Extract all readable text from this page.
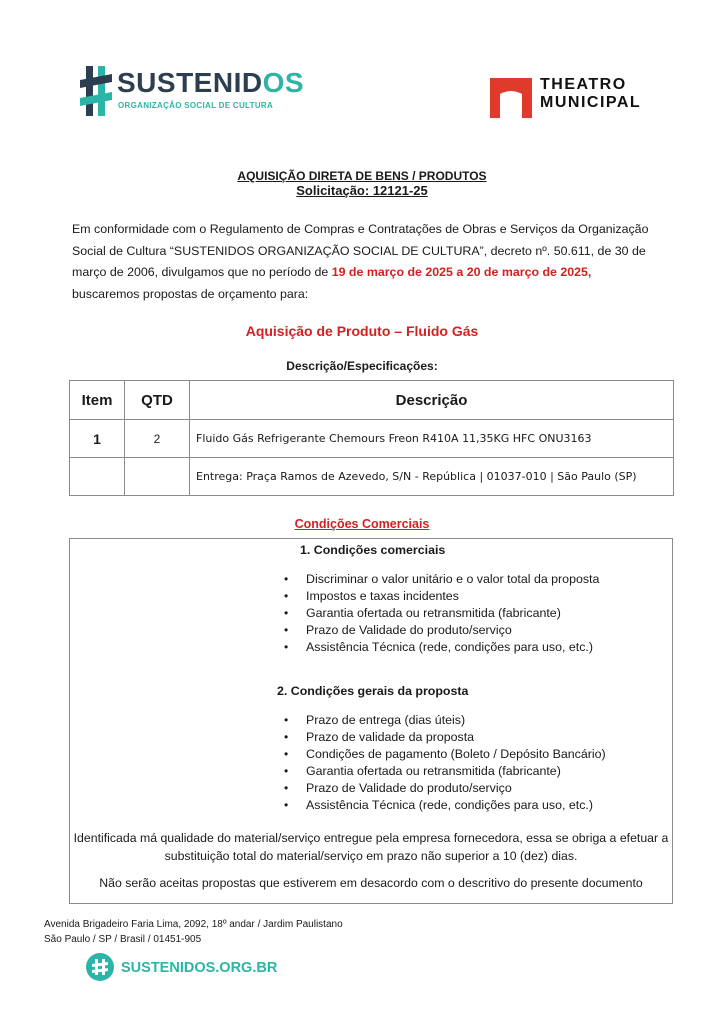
SUSTENIDOS
ORGANIZAÇÃO SOCIAL DE CULTURA
THEATRO
MUNICIPAL
AQUISIÇÃO DIRETA DE BENS / PRODUTOS
Solicitação: 12121-25
Em conformidade com o Regulamento de Compras e Contratações de Obras e Serviços da Organização Social de Cultura “SUSTENIDOS ORGANIZAÇÃO SOCIAL DE CULTURA”, decreto nº. 50.611, de 30 de março de 2006, divulgamos que no período de 19 de março de 2025 a 20 de março de 2025, buscaremos propostas de orçamento para:
Aquisição de Produto – Fluido Gás
Descrição/Especificações:
Item	QTD	Descrição
1	2	Fluido Gás Refrigerante Chemours Freon R410A 11,35KG HFC ONU3163
		Entrega: Praça Ramos de Azevedo, S/N - República | 01037-010 | São Paulo (SP)
Condições Comerciais
1. Condições comerciais
• Discriminar o valor unitário e o valor total da proposta
• Impostos e taxas incidentes
• Garantia ofertada ou retransmitida (fabricante)
• Prazo de Validade do produto/serviço
• Assistência Técnica (rede, condições para uso, etc.)
2. Condições gerais da proposta
• Prazo de entrega (dias úteis)
• Prazo de validade da proposta
• Condições de pagamento (Boleto / Depósito Bancário)
• Garantia ofertada ou retransmitida (fabricante)
• Prazo de Validade do produto/serviço
• Assistência Técnica (rede, condições para uso, etc.)
Identificada má qualidade do material/serviço entregue pela empresa fornecedora, essa se obriga a efetuar a substituição total do material/serviço em prazo não superior a 10 (dez) dias.
Não serão aceitas propostas que estiverem em desacordo com o descritivo do presente documento
Avenida Brigadeiro Faria Lima, 2092, 18º andar / Jardim Paulistano
São Paulo / SP / Brasil / 01451-905
SUSTENIDOS.ORG.BR
